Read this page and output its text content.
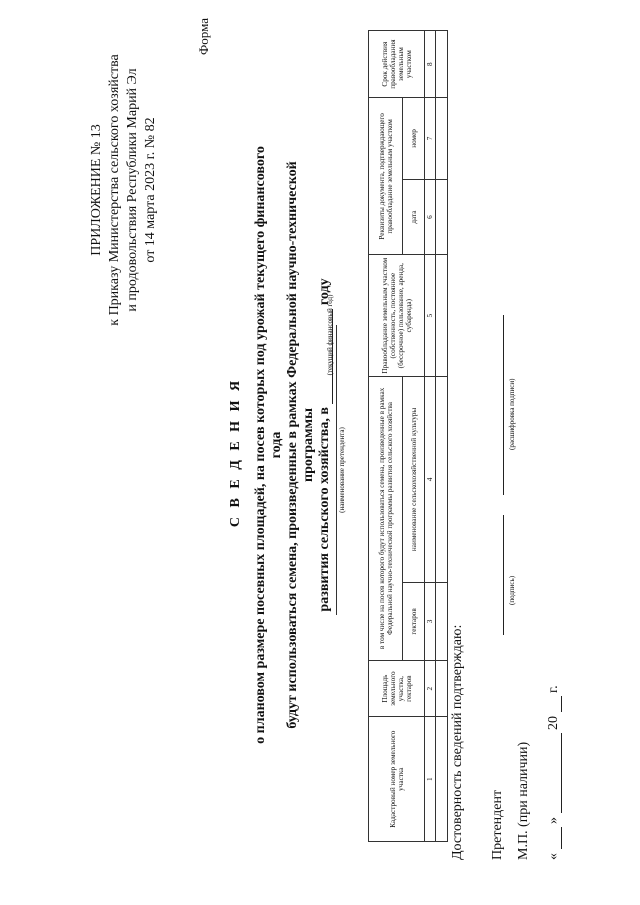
ПРИЛОЖЕНИЕ № 13 к Приказу Министерства сельского хозяйства и продовольствия Республики Марий Эл от 14 марта 2023 г. № 82
Форма
С В Е Д Е Н И Я о плановом размере посевных площадей, на посев которых под урожай текущего финансового года будут использоваться семена, произведенные в рамках Федеральной научно-технической программы развития сельского хозяйства, в  году
(текущий финансовый год)
(наименование претендента)
Кадастровый номер земельного участка	Площадь земельного участка, гектаров	в том числе на посев которого будут использоваться семена, произведенные в рамках Федеральной научно-технической программы развития сельского хозяйства		Правообладание земельным участком (собственность, постоянное (бессрочное) пользование, аренда, субаренда)	Реквизиты документа, подтверждающего правообладание земельным участком		Срок действия правообладания земельным участком
		гектаров	наименование сельскохозяйственной культуры		дата	номер	
1	2	3	4	5	6	7	8

Достоверность сведений подтверждаю: Претендент
(подпись)
(расшифровка подписи)
М.П. (при наличии) «  »  20  г.
